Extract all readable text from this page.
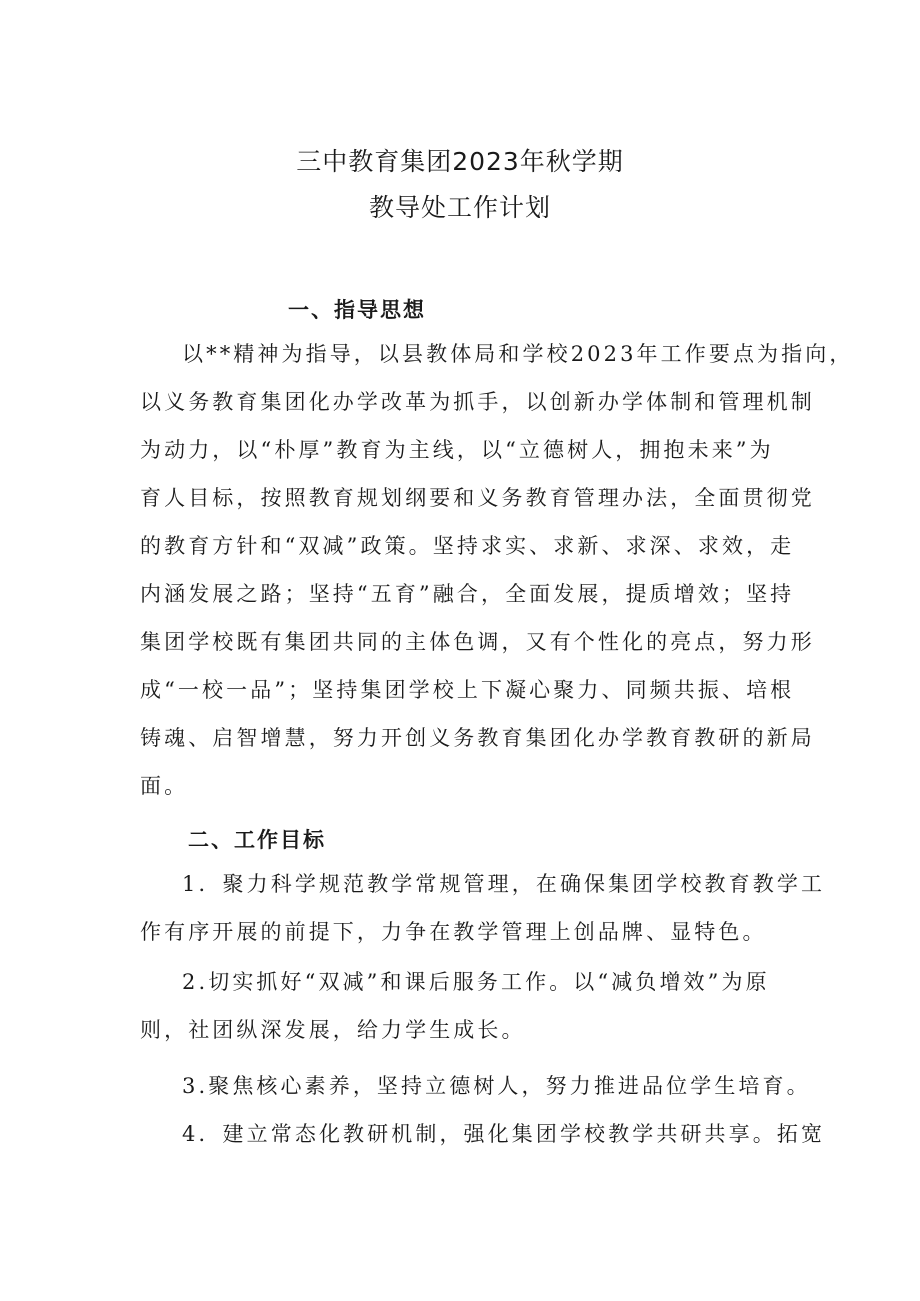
三中教育集团2023年秋学期
教导处工作计划
一、指导思想
以**精神为指导，以县教体局和学校2023年工作要点为指向，
以义务教育集团化办学改革为抓手，以创新办学体制和管理机制
为动力，以“朴厚”教育为主线，以“立德树人，拥抱未来”为
育人目标，按照教育规划纲要和义务教育管理办法，全面贯彻党
的教育方针和“双减”政策。坚持求实、求新、求深、求效，走
内涵发展之路；坚持“五育”融合，全面发展，提质增效；坚持
集团学校既有集团共同的主体色调，又有个性化的亮点，努力形
成“一校一品”；坚持集团学校上下凝心聚力、同频共振、培根
铸魂、启智增慧，努力开创义务教育集团化办学教育教研的新局
面。
二、工作目标
1．聚力科学规范教学常规管理，在确保集团学校教育教学工
作有序开展的前提下，力争在教学管理上创品牌、显特色。
2.切实抓好“双减”和课后服务工作。以“减负增效”为原
则，社团纵深发展，给力学生成长。
3.聚焦核心素养，坚持立德树人，努力推进品位学生培育。
4．建立常态化教研机制，强化集团学校教学共研共享。拓宽
